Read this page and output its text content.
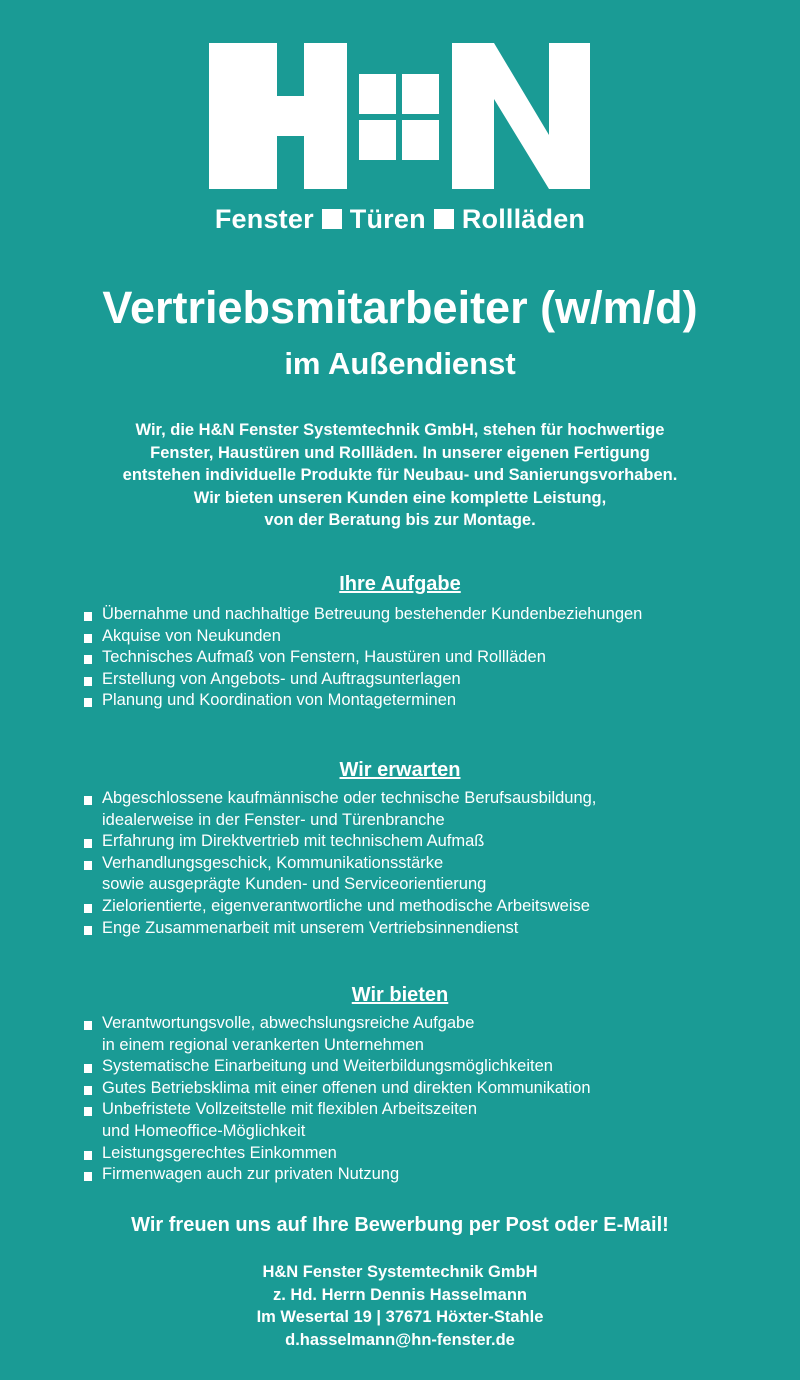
Fenster Türen Rollläden
Vertriebsmitarbeiter (w/m/d)
im Außendienst

Wir, die H&N Fenster Systemtechnik GmbH, stehen für hochwertige
Fenster, Haustüren und Rollläden. In unserer eigenen Fertigung
entstehen individuelle Produkte für Neubau- und Sanierungsvorhaben.
Wir bieten unseren Kunden eine komplette Leistung,
von der Beratung bis zur Montage.

Ihre Aufgabe
Übernahme und nachhaltige Betreuung bestehender Kundenbeziehungen
Akquise von Neukunden
Technisches Aufmaß von Fenstern, Haustüren und Rollläden
Erstellung von Angebots- und Auftragsunterlagen
Planung und Koordination von Montageterminen
Wir erwarten
Abgeschlossene kaufmännische oder technische Berufsausbildung,
idealerweise in der Fenster- und Türenbranche
Erfahrung im Direktvertrieb mit technischem Aufmaß
Verhandlungsgeschick, Kommunikationsstärke
sowie ausgeprägte Kunden- und Serviceorientierung
Zielorientierte, eigenverantwortliche und methodische Arbeitsweise
Enge Zusammenarbeit mit unserem Vertriebsinnendienst
Wir bieten
Verantwortungsvolle, abwechslungsreiche Aufgabe
in einem regional verankerten Unternehmen
Systematische Einarbeitung und Weiterbildungsmöglichkeiten
Gutes Betriebsklima mit einer offenen und direkten Kommunikation
Unbefristete Vollzeitstelle mit flexiblen Arbeitszeiten
und Homeoffice-Möglichkeit
Leistungsgerechtes Einkommen
Firmenwagen auch zur privaten Nutzung
Wir freuen uns auf Ihre Bewerbung per Post oder E-Mail!
H&N Fenster Systemtechnik GmbH
z. Hd. Herrn Dennis Hasselmann
Im Wesertal 19 | 37671 Höxter-Stahle
d.hasselmann@hn-fenster.de
